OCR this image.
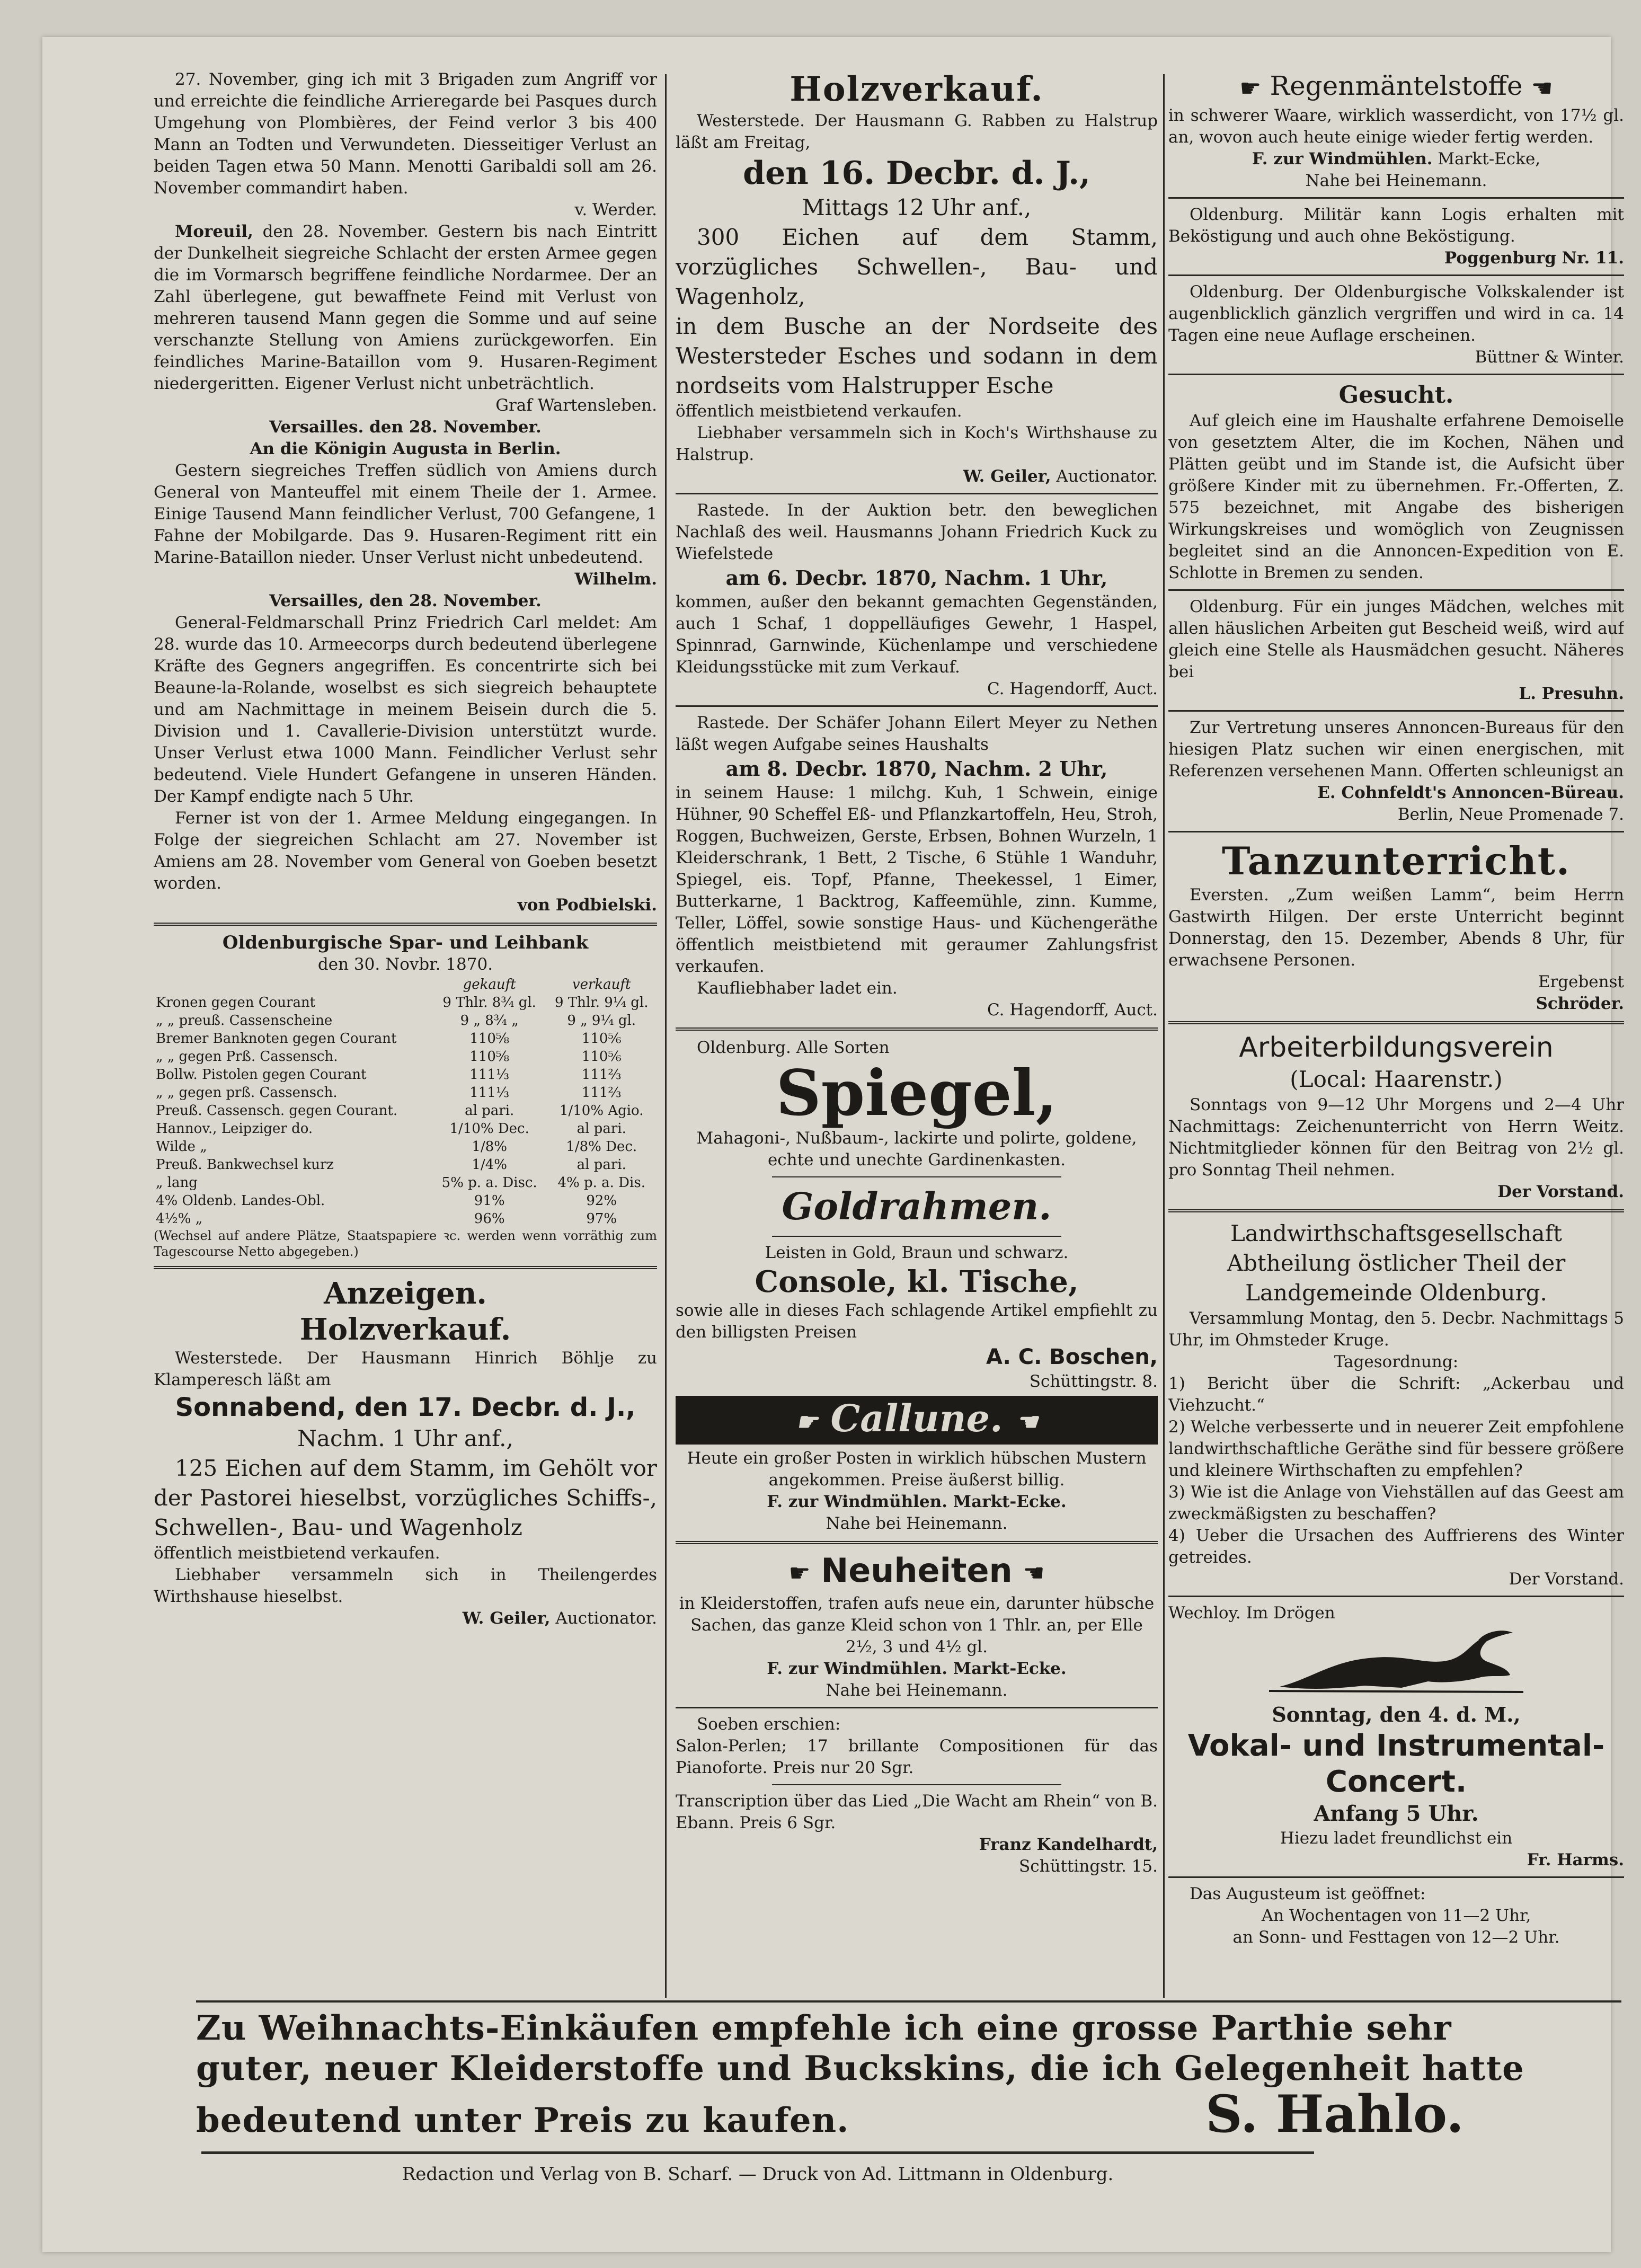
27. November, ging ich mit 3 Brigaden zum Angriff vor und erreichte die feindliche Arrieregarde bei Pasques durch Umgehung von Plombières, der Feind verlor 3 bis 400 Mann an Todten und Verwundeten. Diesseitiger Verlust an beiden Tagen etwa 50 Mann. Menotti Garibaldi soll am 26. November commandirt haben.

v. Werder.

Moreuil, den 28. November. Gestern bis nach Eintritt der Dunkelheit siegreiche Schlacht der ersten Armee gegen die im Vormarsch begriffene feindliche Nordarmee. Der an Zahl überlegene, gut bewaffnete Feind mit Verlust von mehreren tausend Mann gegen die Somme und auf seine verschanzte Stellung von Amiens zurückgeworfen. Ein feindliches Marine-Bataillon vom 9. Husaren-Regiment niedergeritten. Eigener Verlust nicht unbeträchtlich.

Graf Wartensleben.

Versailles. den 28. November.

An die Königin Augusta in Berlin.

Gestern siegreiches Treffen südlich von Amiens durch General von Manteuffel mit einem Theile der 1. Armee. Einige Tausend Mann feindlicher Verlust, 700 Gefangene, 1 Fahne der Mobilgarde. Das 9. Husaren-Regiment ritt ein Marine-Bataillon nieder. Unser Verlust nicht unbedeutend.

Wilhelm.

Versailles, den 28. November.

General-Feldmarschall Prinz Friedrich Carl meldet: Am 28. wurde das 10. Armeecorps durch bedeutend überlegene Kräfte des Gegners angegriffen. Es concentrirte sich bei Beaune-la-Rolande, woselbst es sich siegreich behauptete und am Nachmittage in meinem Beisein durch die 5. Division und 1. Cavallerie-Division unterstützt wurde. Unser Verlust etwa 1000 Mann. Feindlicher Verlust sehr bedeutend. Viele Hundert Gefangene in unseren Händen. Der Kampf endigte nach 5 Uhr.

Ferner ist von der 1. Armee Meldung eingegangen. In Folge der siegreichen Schlacht am 27. November ist Amiens am 28. November vom General von Goeben besetzt worden.

von Podbielski.

Oldenburgische Spar- und Leihbank

den 30. Novbr. 1870.

	gekauft	verkauft
Kronen gegen Courant	9 Thlr. 8¾ gl.	9 Thlr. 9¼ gl.
„ „ preuß. Cassenscheine	9 „ 8¾ „	9 „ 9¼ gl.
Bremer Banknoten gegen Courant	110⅝	110⅚
„ „ gegen Prß. Cassensch.	110⅝	110⅚
Bollw. Pistolen gegen Courant	111⅓	111⅔
„ „ gegen prß. Cassensch.	111⅓	111⅔
Preuß. Cassensch. gegen Courant.	al pari.	1/10% Agio.
Hannov., Leipziger do.	1/10% Dec.	al pari.
Wilde „	1/8%	1/8% Dec.
Preuß. Bankwechsel kurz	1/4%	al pari.
„ lang	5% p. a. Disc.	4% p. a. Dis.
4% Oldenb. Landes-Obl.	91%	92%
4½% „	96%	97%

(Wechsel auf andere Plätze, Staatspapiere ꝛc. werden wenn vorräthig zum Tagescourse Netto abgegeben.)

Anzeigen.

Holzverkauf.

Westerstede. Der Hausmann Hinrich Böhlje zu Klamperesch läßt am

Sonnabend, den 17. Decbr. d. J.,

Nachm. 1 Uhr anf.,

125 Eichen auf dem Stamm, im Gehölt vor der Pastorei hieselbst, vorzügliches Schiffs-, Schwellen-, Bau- und Wagenholz

öffentlich meistbietend verkaufen.

Liebhaber versammeln sich in Theilengerdes Wirthshause hieselbst.

W. Geiler, Auctionator.

Holzverkauf.

Westerstede. Der Hausmann G. Rabben zu Halstrup läßt am Freitag,

den 16. Decbr. d. J.,

Mittags 12 Uhr anf.,

300 Eichen auf dem Stamm, vorzügliches Schwellen-, Bau- und Wagenholz,

in dem Busche an der Nordseite des Westersteder Esches und sodann in dem nordseits vom Halstrupper Esche

öffentlich meistbietend verkaufen.

Liebhaber versammeln sich in Koch's Wirthshause zu Halstrup.

W. Geiler, Auctionator.

Rastede. In der Auktion betr. den beweglichen Nachlaß des weil. Hausmanns Johann Friedrich Kuck zu Wiefelstede

am 6. Decbr. 1870, Nachm. 1 Uhr,

kommen, außer den bekannt gemachten Gegenständen, auch 1 Schaf, 1 doppelläufiges Gewehr, 1 Haspel, Spinnrad, Garnwinde, Küchenlampe und verschiedene Kleidungsstücke mit zum Verkauf.

C. Hagendorff, Auct.

Rastede. Der Schäfer Johann Eilert Meyer zu Nethen läßt wegen Aufgabe seines Haushalts

am 8. Decbr. 1870, Nachm. 2 Uhr,

in seinem Hause: 1 milchg. Kuh, 1 Schwein, einige Hühner, 90 Scheffel Eß- und Pflanzkartoffeln, Heu, Stroh, Roggen, Buchweizen, Gerste, Erbsen, Bohnen Wurzeln, 1 Kleiderschrank, 1 Bett, 2 Tische, 6 Stühle 1 Wanduhr, Spiegel, eis. Topf, Pfanne, Theekessel, 1 Eimer, Butterkarne, 1 Backtrog, Kaffeemühle, zinn. Kumme, Teller, Löffel, sowie sonstige Haus- und Küchengeräthe öffentlich meistbietend mit geraumer Zahlungsfrist verkaufen.

Kaufliebhaber ladet ein.

C. Hagendorff, Auct.

Oldenburg. Alle Sorten

Spiegel,

Mahagoni-, Nußbaum-, lackirte und polirte, goldene, echte und unechte Gardinenkasten.

Goldrahmen.

Leisten in Gold, Braun und schwarz.

Console, kl. Tische,

sowie alle in dieses Fach schlagende Artikel empfiehlt zu den billigsten Preisen

A. C. Boschen,

Schüttingstr. 8.

☛ Callune. ☚

Heute ein großer Posten in wirklich hübschen Mustern angekommen. Preise äußerst billig.

F. zur Windmühlen. Markt-Ecke.

Nahe bei Heinemann.

☛ Neuheiten ☚

in Kleiderstoffen, trafen aufs neue ein, darunter hübsche Sachen, das ganze Kleid schon von 1 Thlr. an, per Elle 2½, 3 und 4½ gl.

F. zur Windmühlen. Markt-Ecke.

Nahe bei Heinemann.

Soeben erschien:

Salon-Perlen; 17 brillante Compositionen für das Pianoforte. Preis nur 20 Sgr.

Transcription über das Lied „Die Wacht am Rhein“ von B. Ebann. Preis 6 Sgr.

Franz Kandelhardt,

Schüttingstr. 15.

☛ Regenmäntelstoffe ☚

in schwerer Waare, wirklich wasserdicht, von 17½ gl. an, wovon auch heute einige wieder fertig werden.

F. zur Windmühlen. Markt-Ecke,

Nahe bei Heinemann.

Oldenburg. Militär kann Logis erhalten mit Beköstigung und auch ohne Beköstigung.

Poggenburg Nr. 11.

Oldenburg. Der Oldenburgische Volkskalender ist augenblicklich gänzlich vergriffen und wird in ca. 14 Tagen eine neue Auflage erscheinen.

Büttner & Winter.

Gesucht.

Auf gleich eine im Haushalte erfahrene Demoiselle von gesetztem Alter, die im Kochen, Nähen und Plätten geübt und im Stande ist, die Aufsicht über größere Kinder mit zu übernehmen. Fr.-Offerten, Z. 575 bezeichnet, mit Angabe des bisherigen Wirkungskreises und womöglich von Zeugnissen begleitet sind an die Annoncen-Expedition von E. Schlotte in Bremen zu senden.

Oldenburg. Für ein junges Mädchen, welches mit allen häuslichen Arbeiten gut Bescheid weiß, wird auf gleich eine Stelle als Hausmädchen gesucht. Näheres bei

L. Presuhn.

Zur Vertretung unseres Annoncen-Bureaus für den hiesigen Platz suchen wir einen energischen, mit Referenzen versehenen Mann. Offerten schleunigst an

E. Cohnfeldt's Annoncen-Büreau.

Berlin, Neue Promenade 7.

Tanzunterricht.

Eversten. „Zum weißen Lamm“, beim Herrn Gastwirth Hilgen. Der erste Unterricht beginnt Donnerstag, den 15. Dezember, Abends 8 Uhr, für erwachsene Personen.

Ergebenst

Schröder.

Arbeiterbildungsverein

(Local: Haarenstr.)

Sonntags von 9—12 Uhr Morgens und 2—4 Uhr Nachmittags: Zeichenunterricht von Herrn Weitz. Nichtmitglieder können für den Beitrag von 2½ gl. pro Sonntag Theil nehmen.

Der Vorstand.

Landwirthschaftsgesellschaft Abtheilung östlicher Theil der Landgemeinde Oldenburg.

Versammlung Montag, den 5. Decbr. Nachmittags 5 Uhr, im Ohmsteder Kruge.

Tagesordnung:

1) Bericht über die Schrift: „Ackerbau und Viehzucht.“

2) Welche verbesserte und in neuerer Zeit empfohlene landwirthschaftliche Geräthe sind für bessere größere und kleinere Wirthschaften zu empfehlen?

3) Wie ist die Anlage von Viehställen auf das Geest am zweckmäßigsten zu beschaffen?

4) Ueber die Ursachen des Auffrierens des Winter getreides.

Der Vorstand.

Wechloy. Im Drögen

Sonntag, den 4. d. M.,

Vokal- und Instrumental-Concert.

Anfang 5 Uhr.

Hiezu ladet freundlichst ein

Fr. Harms.

Das Augusteum ist geöffnet:

An Wochentagen von 11—2 Uhr,

an Sonn- und Festtagen von 12—2 Uhr.

Zu Weihnachts-Einkäufen empfehle ich eine grosse Parthie sehr

guter, neuer Kleiderstoffe und Buckskins, die ich Gelegenheit hatte

bedeutend unter Preis zu kaufen.	S. Hahlo.
Redaction und Verlag von B. Scharf. — Druck von Ad. Littmann in Oldenburg.
